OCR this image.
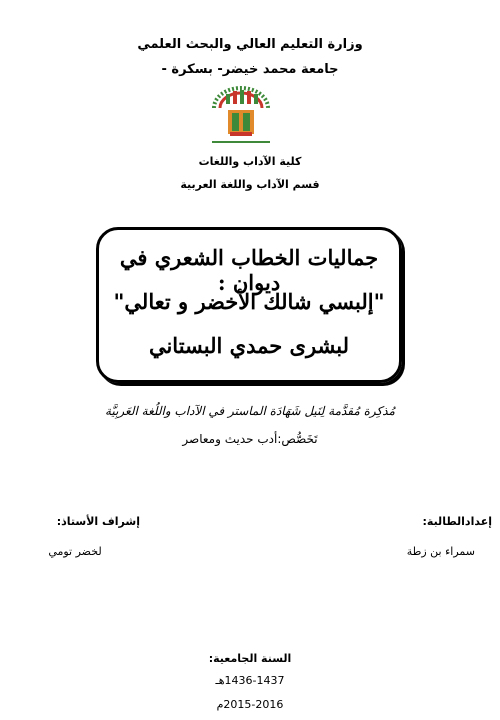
وزارة التعليم العالي والبحث العلمي
جامعة محمد خيضر- بسكرة -
كلية الآداب واللغات
قسم الآداب واللغة العربية
جماليات الخطاب الشعري في ديوان :
"إلبسي شالك الأخضر و تعالي"
لبشرى حمدي البستاني
مُذكِرة مُقدَّمة لِنَيل شَهَادَة الماستر في الآداب واللُغة العَربِيَّة
تَخَصُّص:أدب حديث ومعاصر
إعدادالطالبة:
سمراء بن زطة
إشراف الأستاذ:
لخضر تومي
السنة الجامعية:
1436-1437هـ
2015-2016م
